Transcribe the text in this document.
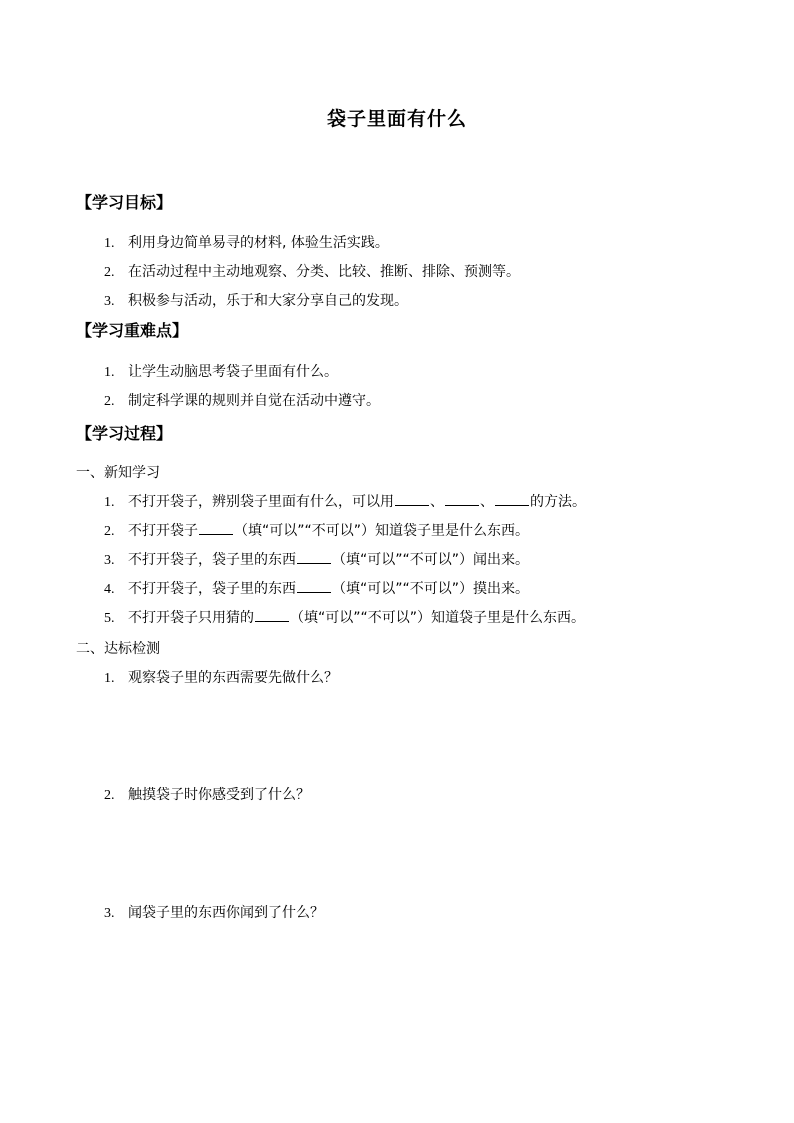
袋子里面有什么
【学习目标】
1. 利用身边简单易寻的材料, 体验生活实践。
2. 在活动过程中主动地观察、分类、比较、推断、排除、预测等。
3. 积极参与活动，乐于和大家分享自己的发现。
【学习重难点】
1. 让学生动脑思考袋子里面有什么。
2. 制定科学课的规则并自觉在活动中遵守。
【学习过程】
一、新知学习
1. 不打开袋子，辨别袋子里面有什么，可以用	、	、	的方法。
2. 不打开袋子	（填“可以”“不可以”）知道袋子里是什么东西。
3. 不打开袋子，袋子里的东西	（填“可以”“不可以”）闻出来。
4. 不打开袋子，袋子里的东西	（填“可以”“不可以”）摸出来。
5. 不打开袋子只用猜的	（填“可以”“不可以”）知道袋子里是什么东西。
二、达标检测
1. 观察袋子里的东西需要先做什么？
2. 触摸袋子时你感受到了什么？
3. 闻袋子里的东西你闻到了什么？
